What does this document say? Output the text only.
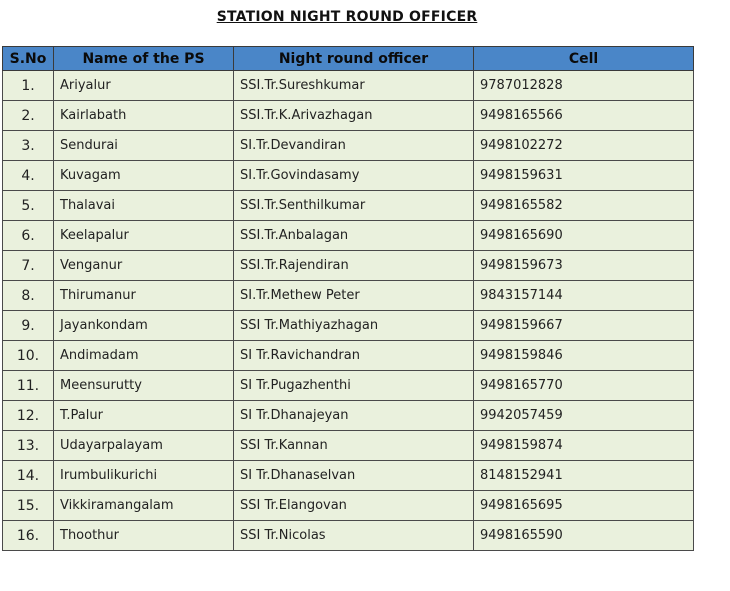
STATION NIGHT ROUND OFFICER
S.No	Name of the PS	Night round officer	Cell
1.	Ariyalur	SSI.Tr.Sureshkumar	9787012828
2.	Kairlabath	SSI.Tr.K.Arivazhagan	9498165566
3.	Sendurai	SI.Tr.Devandiran	9498102272
4.	Kuvagam	SI.Tr.Govindasamy	9498159631
5.	Thalavai	SSI.Tr.Senthilkumar	9498165582
6.	Keelapalur	SSI.Tr.Anbalagan	9498165690
7.	Venganur	SSI.Tr.Rajendiran	9498159673
8.	Thirumanur	SI.Tr.Methew Peter	9843157144
9.	Jayankondam	SSI Tr.Mathiyazhagan	9498159667
10.	Andimadam	SI Tr.Ravichandran	9498159846
11.	Meensurutty	SI Tr.Pugazhenthi	9498165770
12.	T.Palur	SI Tr.Dhanajeyan	9942057459
13.	Udayarpalayam	SSI Tr.Kannan	9498159874
14.	Irumbulikurichi	SI Tr.Dhanaselvan	8148152941
15.	Vikkiramangalam	SSI Tr.Elangovan	9498165695
16.	Thoothur	SSI Tr.Nicolas	9498165590
